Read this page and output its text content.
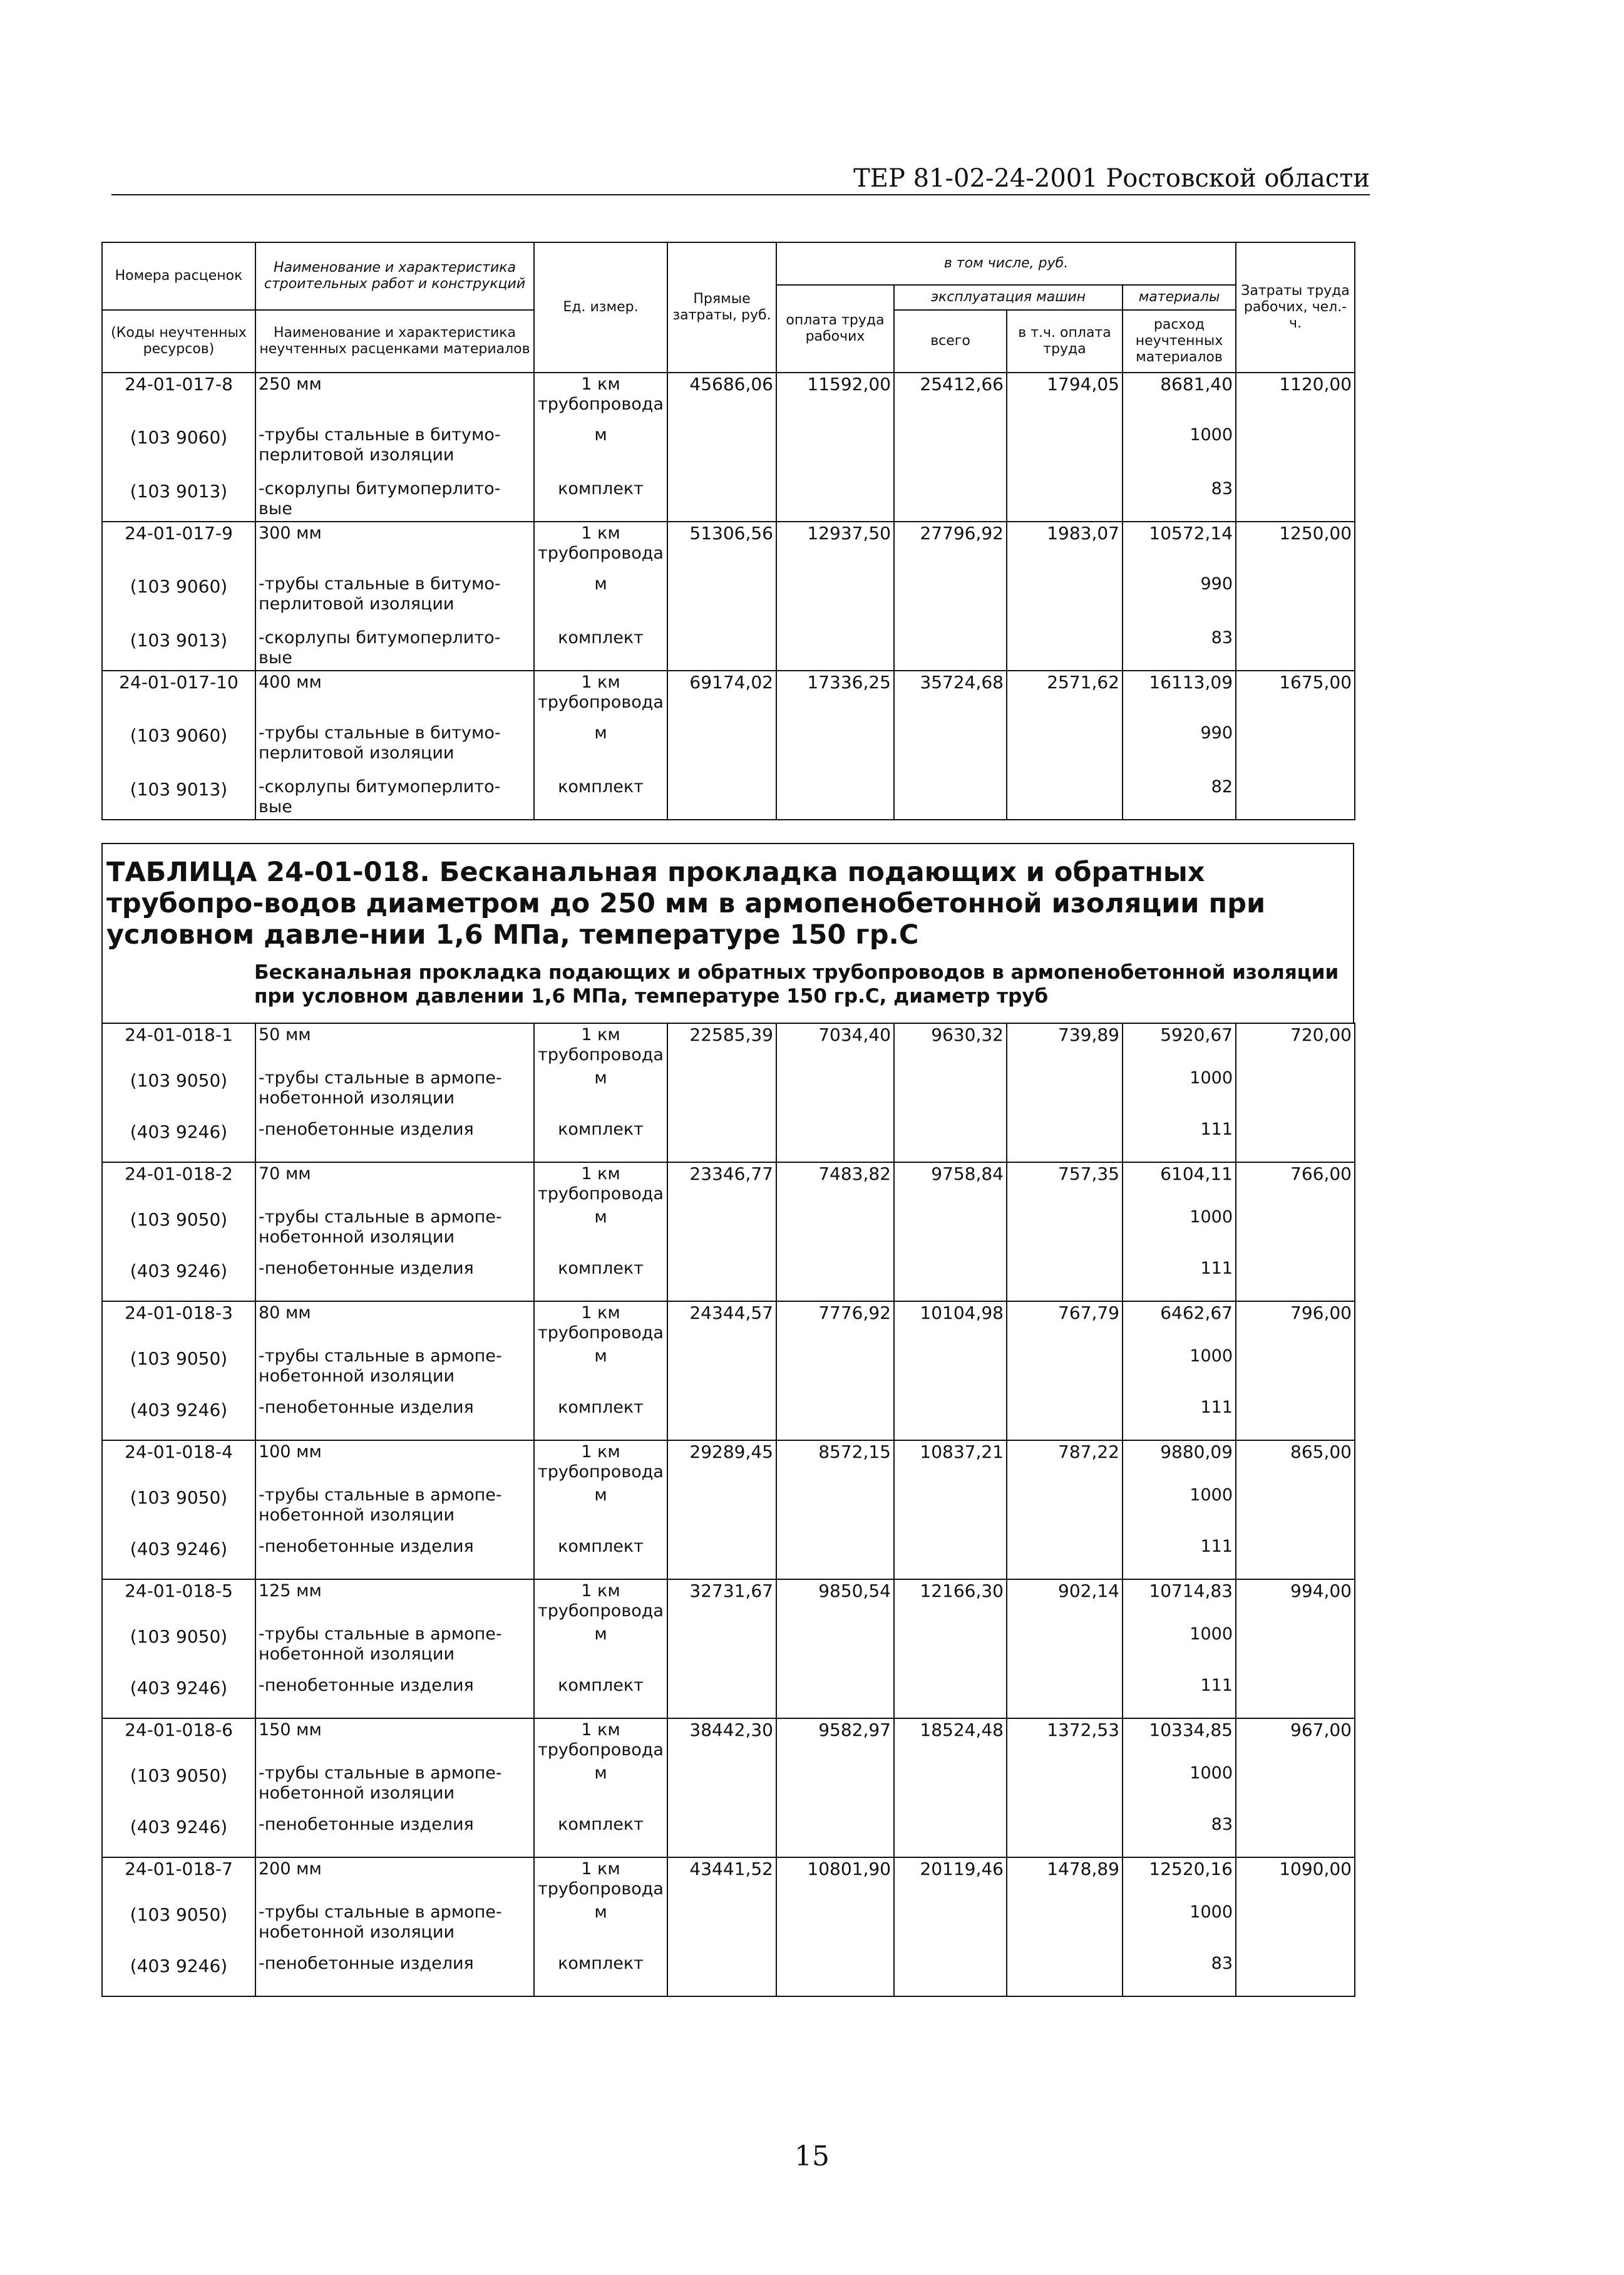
ТЕР 81-02-24-2001 Ростовской области
Номера расценок	Наименование и характеристика строительных работ и конструкций	Ед. измер.	Прямые затраты, руб.	в том числе, руб.				Затраты труда рабочих, чел.-ч.
				оплата труда рабочих	эксплуатация машин		материалы	
(Коды неучтенных ресурсов)	Наименование и характеристика неучтенных расценками материалов				всего	в т.ч. оплата труда	расход неучтенных материалов	

24-01-017-8	250 мм	1 км трубопровода	45686,06	11592,00	25412,66	1794,05	8681,40	1120,00
(103 9060)	-трубы стальные в битумо-перлитовой изоляции	м					1000	
(103 9013)	-скорлупы битумоперлито-вые	комплект					83	
24-01-017-9	300 мм	1 км трубопровода	51306,56	12937,50	27796,92	1983,07	10572,14	1250,00
(103 9060)	-трубы стальные в битумо-перлитовой изоляции	м					990	
(103 9013)	-скорлупы битумоперлито-вые	комплект					83	
24-01-017-10	400 мм	1 км трубопровода	69174,02	17336,25	35724,68	2571,62	16113,09	1675,00
(103 9060)	-трубы стальные в битумо-перлитовой изоляции	м					990	
(103 9013)	-скорлупы битумоперлито-вые	комплект					82	
ТАБЛИЦА 24-01-018. Бесканальная прокладка подающих и обратных трубопро-водов диаметром до 250 мм в армопенобетонной изоляции при условном давле-нии 1,6 МПа, температуре 150 гр.С
Бесканальная прокладка подающих и обратных трубопроводов в армопенобетонной изоляции при условном давлении 1,6 МПа, температуре 150 гр.С, диаметр труб
24-01-018-1	50 мм	1 км трубопровода	22585,39	7034,40	9630,32	739,89	5920,67	720,00
(103 9050)	-трубы стальные в армопе-нобетонной изоляции	м					1000	
(403 9246)	-пенобетонные изделия	комплект					111	
24-01-018-2	70 мм	1 км трубопровода	23346,77	7483,82	9758,84	757,35	6104,11	766,00
(103 9050)	-трубы стальные в армопе-нобетонной изоляции	м					1000	
(403 9246)	-пенобетонные изделия	комплект					111	
24-01-018-3	80 мм	1 км трубопровода	24344,57	7776,92	10104,98	767,79	6462,67	796,00
(103 9050)	-трубы стальные в армопе-нобетонной изоляции	м					1000	
(403 9246)	-пенобетонные изделия	комплект					111	
24-01-018-4	100 мм	1 км трубопровода	29289,45	8572,15	10837,21	787,22	9880,09	865,00
(103 9050)	-трубы стальные в армопе-нобетонной изоляции	м					1000	
(403 9246)	-пенобетонные изделия	комплект					111	
24-01-018-5	125 мм	1 км трубопровода	32731,67	9850,54	12166,30	902,14	10714,83	994,00
(103 9050)	-трубы стальные в армопе-нобетонной изоляции	м					1000	
(403 9246)	-пенобетонные изделия	комплект					111	
24-01-018-6	150 мм	1 км трубопровода	38442,30	9582,97	18524,48	1372,53	10334,85	967,00
(103 9050)	-трубы стальные в армопе-нобетонной изоляции	м					1000	
(403 9246)	-пенобетонные изделия	комплект					83	
24-01-018-7	200 мм	1 км трубопровода	43441,52	10801,90	20119,46	1478,89	12520,16	1090,00
(103 9050)	-трубы стальные в армопе-нобетонной изоляции	м					1000	
(403 9246)	-пенобетонные изделия	комплект					83	
15
